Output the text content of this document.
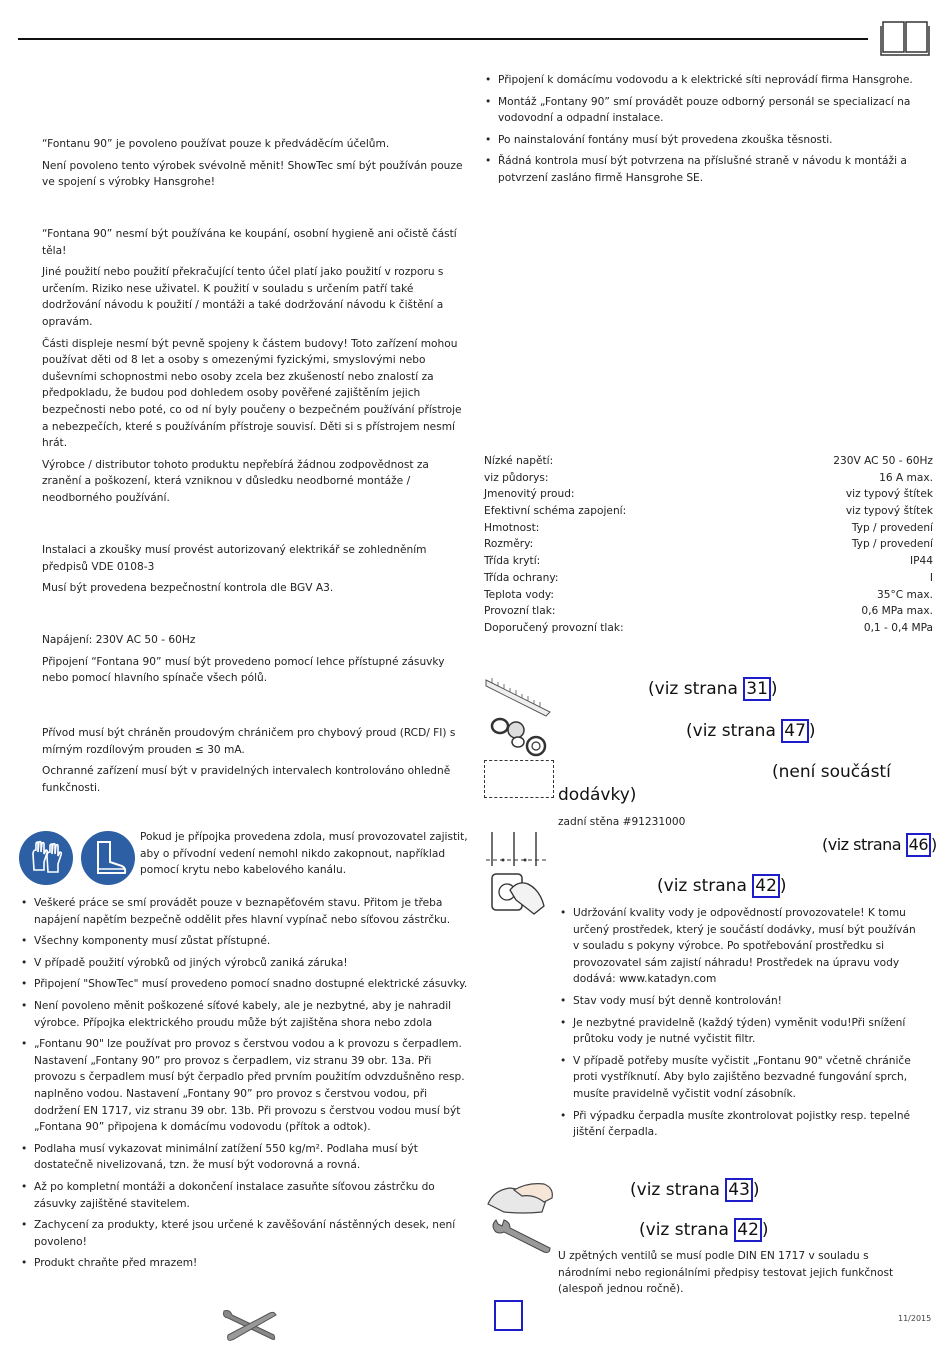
“Fontanu 90” je povoleno používat pouze k předváděcím účelům.

Není povoleno tento výrobek svévolně měnit! ShowTec smí být používán pouze ve spojení s výrobky Hansgrohe!

“Fontana 90” nesmí být používána ke koupání, osobní hygieně ani očistě částí těla!

Jiné použití nebo použití překračující tento účel platí jako použití v rozporu s určením. Riziko nese uživatel. K použití v souladu s určením patří také dodržování návodu k použití / montáži a také dodržování návodu k čištění a opravám.

Části displeje nesmí být pevně spojeny k částem budovy! Toto zařízení mohou používat děti od 8 let a osoby s omezenými fyzickými, smyslovými nebo duševními schopnostmi nebo osoby zcela bez zkušeností nebo znalostí za předpokladu, že budou pod dohledem osoby pověřené zajištěním jejich bezpečnosti nebo poté, co od ní byly poučeny o bezpečném používání přístroje a nebezpečích, které s používáním přístroje souvisí. Děti si s přístrojem nesmí hrát.

Výrobce / distributor tohoto produktu nepřebírá žádnou zodpovědnost za zranění a poškození, která vzniknou v důsledku neodborné montáže / neodborného používání.

Instalaci a zkoušky musí provést autorizovaný elektrikář se zohledněním předpisů VDE 0108-3

Musí být provedena bezpečnostní kontrola dle BGV A3.

Napájení: 230V AC 50 - 60Hz

Připojení “Fontana 90” musí být provedeno pomocí lehce přístupné zásuvky nebo pomocí hlavního spínače všech pólů.

Přívod musí být chráněn proudovým chráničem pro chybový proud (RCD/ FI) s mírným rozdílovým prouden ≤ 30 mA.

Ochranné zařízení musí být v pravidelných intervalech kontrolováno ohledně funkčnosti.

Pokud je přípojka provedena zdola, musí provozovatel zajistit, aby o přívodní vedení nemohl nikdo zakopnout, například pomocí krytu nebo kabelového kanálu.
• Veškeré práce se smí provádět pouze v beznapěťovém stavu. Přitom je třeba napájení napětím bezpečně oddělit přes hlavní vypínač nebo síťovou zástrčku.
• Všechny komponenty musí zůstat přístupné.
• V případě použití výrobků od jiných výrobců zaniká záruka!
• Připojení "ShowTec" musí provedeno pomocí snadno dostupné elektrické zásuvky.
• Není povoleno měnit poškozené síťové kabely, ale je nezbytné, aby je nahradil výrobce. Přípojka elektrického proudu může být zajištěna shora nebo zdola
• „Fontanu 90" lze používat pro provoz s čerstvou vodou a k provozu s čerpadlem. Nastavení „Fontany 90” pro provoz s čerpadlem, viz stranu 39 obr. 13a. Při provozu s čerpadlem musí být čerpadlo před prvním použitím odvzdušněno resp. naplněno vodou. Nastavení „Fontany 90” pro provoz s čerstvou vodou, při dodržení EN 1717, viz stranu 39 obr. 13b. Při provozu s čerstvou vodou musí být „Fontana 90” připojena k domácímu vodovodu (přítok a odtok).
• Podlaha musí vykazovat minimální zatížení 550 kg/m². Podlaha musí být dostatečně nivelizovaná, tzn. že musí být vodorovná a rovná.
• Až po kompletní montáži a dokončení instalace zasuňte síťovou zástrčku do zásuvky zajištěné stavitelem.
• Zachycení za produkty, které jsou určené k zavěšování nástěnných desek, není povoleno!
• Produkt chraňte před mrazem!
• Připojení k domácímu vodovodu a k elektrické síti neprovádí firma Hansgrohe.
• Montáž „Fontany 90” smí provádět pouze odborný personál se specializací na vodovodní a odpadní instalace.
• Po nainstalování fontány musí být provedena zkouška těsnosti.
• Řádná kontrola musí být potvrzena na příslušné straně v návodu k montáži a potvrzení zasláno firmě Hansgrohe SE.
Nízké napětí:	230V AC 50 - 60Hz
viz půdorys:	16 A max.
Jmenovitý proud:	viz typový štítek
Efektivní schéma zapojení:	viz typový štítek
Hmotnost:	Typ / provedení
Rozměry:	Typ / provedení
Třída krytí:	IP44
Třída ochrany:	I
Teplota vody:	35°C max.
Provozní tlak:	0,6 MPa max.
Doporučený provozní tlak:	0,1 - 0,4 MPa
(viz strana 31 )
(viz strana 47 )
(není součástí
dodávky)
zadní stěna #91231000
(viz strana 46 )
(viz strana 42 )
• Udržování kvality vody je odpovědností provozovatele! K tomu určený prostředek, který je součástí dodávky, musí být používán v souladu s pokyny výrobce. Po spotřebování prostředku si provozovatel sám zajistí náhradu! Prostředek na úpravu vody dodává: www.katadyn.com
• Stav vody musí být denně kontrolován!
• Je nezbytné pravidelně (každý týden) vyměnit vodu!Při snížení průtoku vody je nutné vyčistit filtr.
• V případě potřeby musíte vyčistit „Fontanu 90" včetně chrániče proti vystříknutí. Aby bylo zajištěno bezvadné fungování sprch, musíte pravidelně vyčistit vodní zásobník.
• Při výpadku čerpadla musíte zkontrolovat pojistky resp. tepelné jištění čerpadla.
(viz strana 43 )
(viz strana 42 )
U zpětných ventilů se musí podle DIN EN 1717 v souladu s národními nebo regionálními předpisy testovat jejich funkčnost (alespoň jednou ročně).
11/2015
